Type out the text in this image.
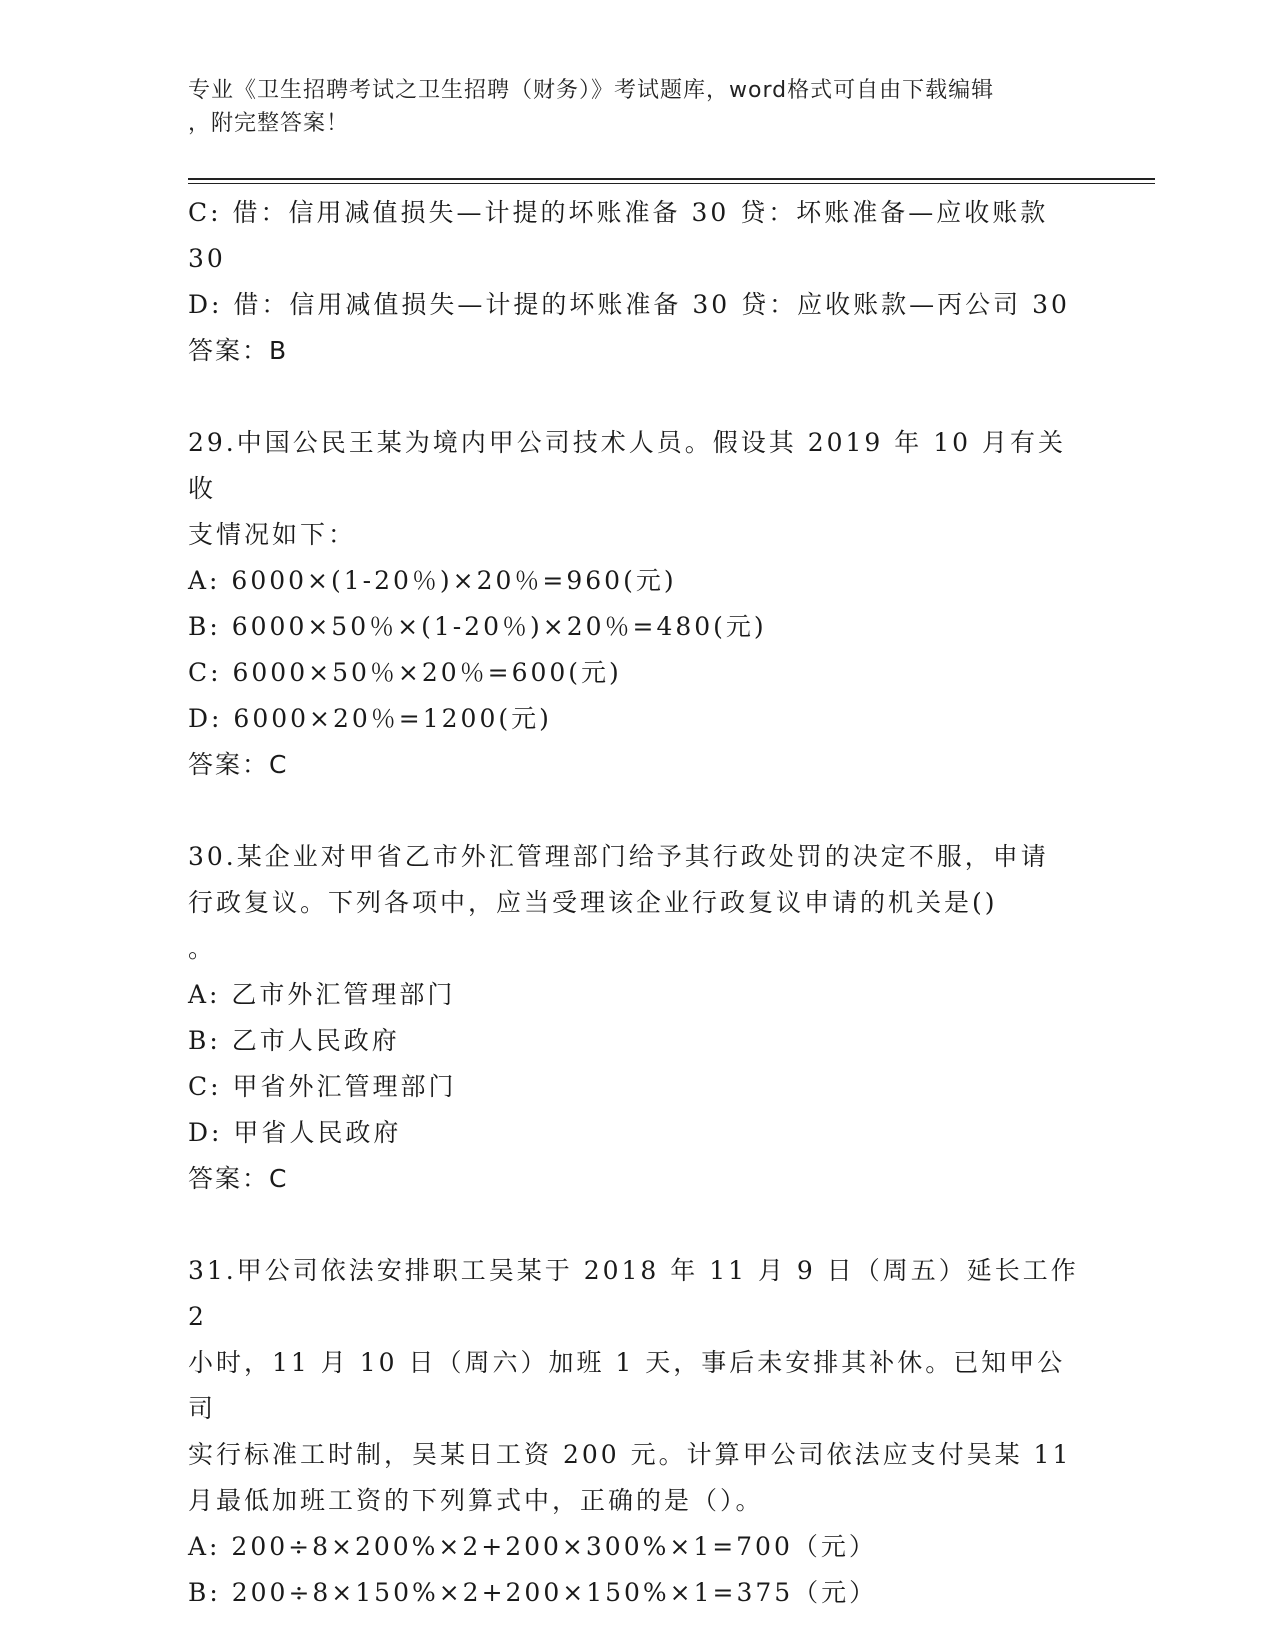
专业《卫生招聘考试之卫生招聘（财务）》考试题库，word格式可自由下载编辑
，附完整答案！
C: 借：信用减值损失—计提的坏账准备 30 贷：坏账准备—应收账款
30
D: 借：信用减值损失—计提的坏账准备 30 贷：应收账款—丙公司 30
答案：B
29.中国公民王某为境内甲公司技术人员。假设其 2019 年 10 月有关收
支情况如下：
A: 6000×(1-20％)×20％=960(元)
B: 6000×50％×(1-20％)×20％=480(元)
C: 6000×50％×20％=600(元)
D: 6000×20％=1200(元)
答案：C
30.某企业对甲省乙市外汇管理部门给予其行政处罚的决定不服，申请
行政复议。下列各项中，应当受理该企业行政复议申请的机关是()
。
A: 乙市外汇管理部门
B: 乙市人民政府
C: 甲省外汇管理部门
D: 甲省人民政府
答案：C
31.甲公司依法安排职工吴某于 2018 年 11 月 9 日（周五）延长工作 2
小时，11 月 10 日（周六）加班 1 天，事后未安排其补休。已知甲公司
实行标准工时制，吴某日工资 200 元。计算甲公司依法应支付吴某 11
月最低加班工资的下列算式中，正确的是（）。
A: 200÷8×200%×2+200×300%×1=700（元）
B: 200÷8×150%×2+200×150%×1=375（元）
